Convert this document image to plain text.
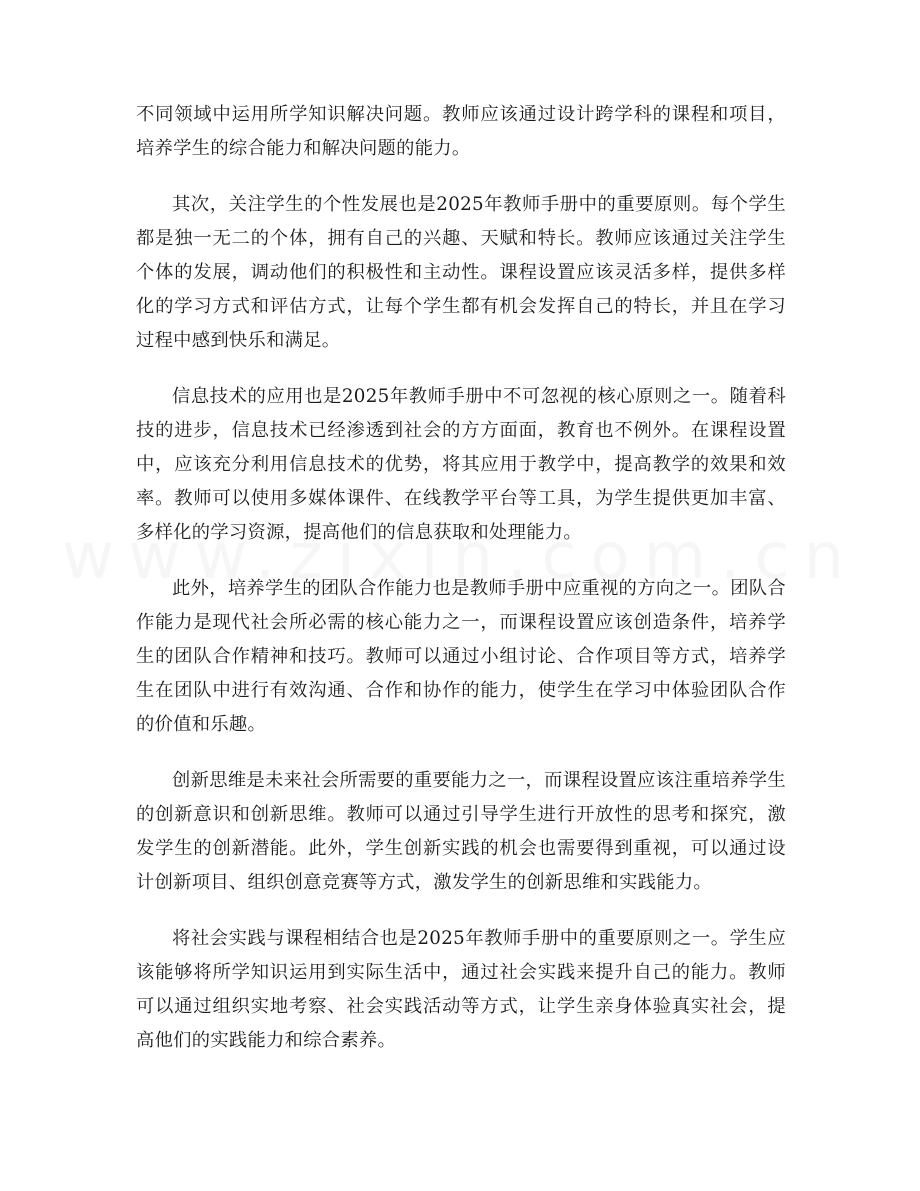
不同领域中运用所学知识解决问题。教师应该通过设计跨学科的课程和项目，培养学生的综合能力和解决问题的能力。

其次，关注学生的个性发展也是2025年教师手册中的重要原则。每个学生都是独一无二的个体，拥有自己的兴趣、天赋和特长。教师应该通过关注学生个体的发展，调动他们的积极性和主动性。课程设置应该灵活多样，提供多样化的学习方式和评估方式，让每个学生都有机会发挥自己的特长，并且在学习过程中感到快乐和满足。

信息技术的应用也是2025年教师手册中不可忽视的核心原则之一。随着科技的进步，信息技术已经渗透到社会的方方面面，教育也不例外。在课程设置中，应该充分利用信息技术的优势，将其应用于教学中，提高教学的效果和效率。教师可以使用多媒体课件、在线教学平台等工具，为学生提供更加丰富、多样化的学习资源，提高他们的信息获取和处理能力。

此外，培养学生的团队合作能力也是教师手册中应重视的方向之一。团队合作能力是现代社会所必需的核心能力之一，而课程设置应该创造条件，培养学生的团队合作精神和技巧。教师可以通过小组讨论、合作项目等方式，培养学生在团队中进行有效沟通、合作和协作的能力，使学生在学习中体验团队合作的价值和乐趣。

创新思维是未来社会所需要的重要能力之一，而课程设置应该注重培养学生的创新意识和创新思维。教师可以通过引导学生进行开放性的思考和探究，激发学生的创新潜能。此外，学生创新实践的机会也需要得到重视，可以通过设计创新项目、组织创意竞赛等方式，激发学生的创新思维和实践能力。

将社会实践与课程相结合也是2025年教师手册中的重要原则之一。学生应该能够将所学知识运用到实际生活中，通过社会实践来提升自己的能力。教师可以通过组织实地考察、社会实践活动等方式，让学生亲身体验真实社会，提高他们的实践能力和综合素养。
